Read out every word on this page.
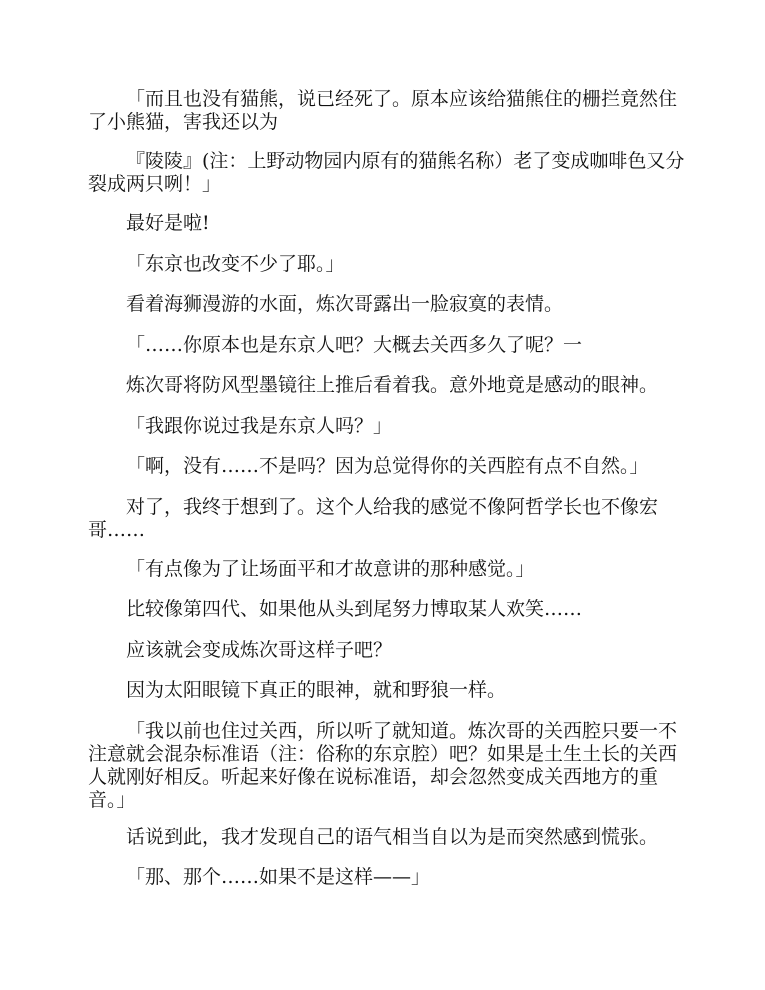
「而且也没有猫熊，说已经死了。原本应该给猫熊住的栅拦竟然住了小熊猫，害我还以为

『陵陵』(注：上野动物园内原有的猫熊名称）老了变成咖啡色又分裂成两只咧！」

最好是啦!

「东京也改变不少了耶。」

看着海狮漫游的水面，炼次哥露出一脸寂寞的表情。

「……你原本也是东京人吧？大概去关西多久了呢？一

炼次哥将防风型墨镜往上推后看着我。意外地竟是感动的眼神。

「我跟你说过我是东京人吗？」

「啊，没有……不是吗？因为总觉得你的关西腔有点不自然。」

对了，我终于想到了。这个人给我的感觉不像阿哲学长也不像宏哥……

「有点像为了让场面平和才故意讲的那种感觉。」

比较像第四代、如果他从头到尾努力博取某人欢笑……

应该就会变成炼次哥这样子吧？

因为太阳眼镜下真正的眼神，就和野狼一样。

「我以前也住过关西，所以听了就知道。炼次哥的关西腔只要一不注意就会混杂标准语（注：俗称的东京腔）吧？如果是土生土长的关西人就刚好相反。听起来好像在说标准语，却会忽然变成关西地方的重音。」

话说到此，我才发现自己的语气相当自以为是而突然感到慌张。

「那、那个……如果不是这样——」
